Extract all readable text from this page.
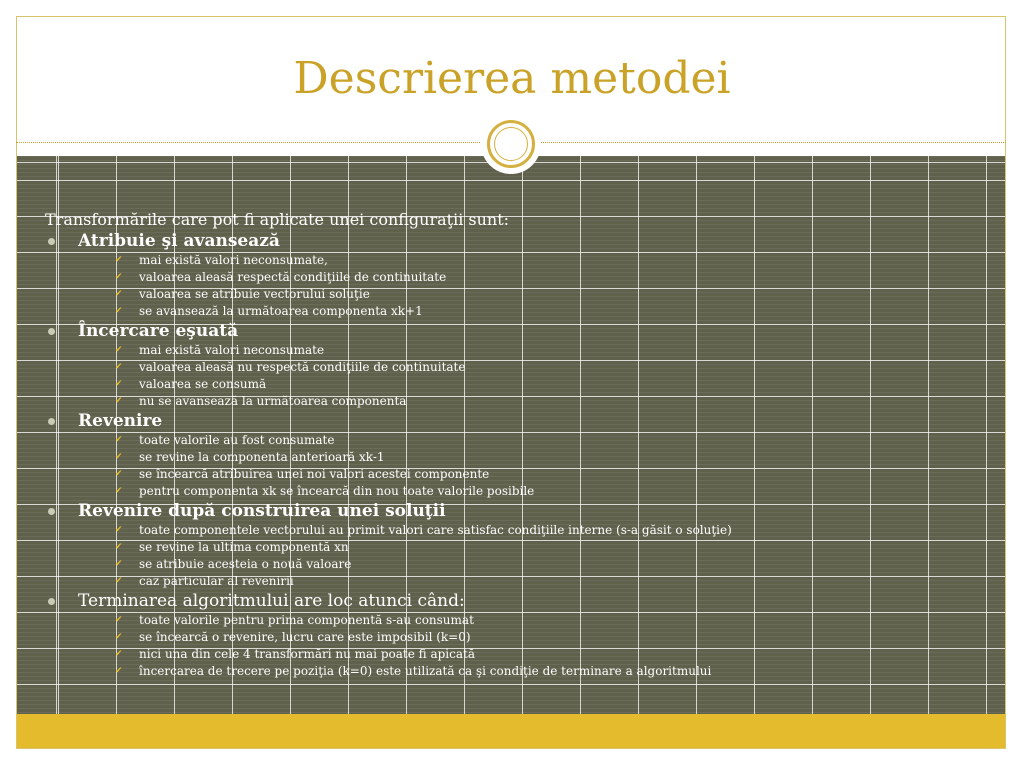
Descrierea metodei

Transformările care pot fi aplicate unei configuraţii sunt:

Atribuie şi avansează

✔ mai există valori neconsumate,

✔ valoarea aleasă respectă condiţiile de continuitate

✔ valoarea se atribuie vectorului soluţie

✔ se avansează la următoarea componenta xk+1

Încercare eşuată

✔ mai există valori neconsumate

✔ valoarea aleasă nu respectă condiţiile de continuitate

✔ valoarea se consumă

✔ nu se avansează la următoarea componenta

Revenire

✔ toate valorile au fost consumate

✔ se revine la componenta anterioară xk-1

✔ se încearcă atribuirea unei noi valori acestei componente

✔ pentru componenta xk se încearcă din nou toate valorile posibile

Revenire după construirea unei soluţii

✔ toate componentele vectorului au primit valori care satisfac condiţiile interne (s-a găsit o soluţie)

✔ se revine la ultima componentă xn

✔ se atribuie acesteia o nouă valoare

✔ caz particular al revenirii

Terminarea algoritmului are loc atunci când:

✔ toate valorile pentru prima componentă s-au consumat

✔ se încearcă o revenire, lucru care este imposibil (k=0)

✔ nici una din cele 4 transformări nu mai poate fi apicată

✔ încercarea de trecere pe poziţia (k=0) este utilizată ca şi condiţie de terminare a algoritmului
